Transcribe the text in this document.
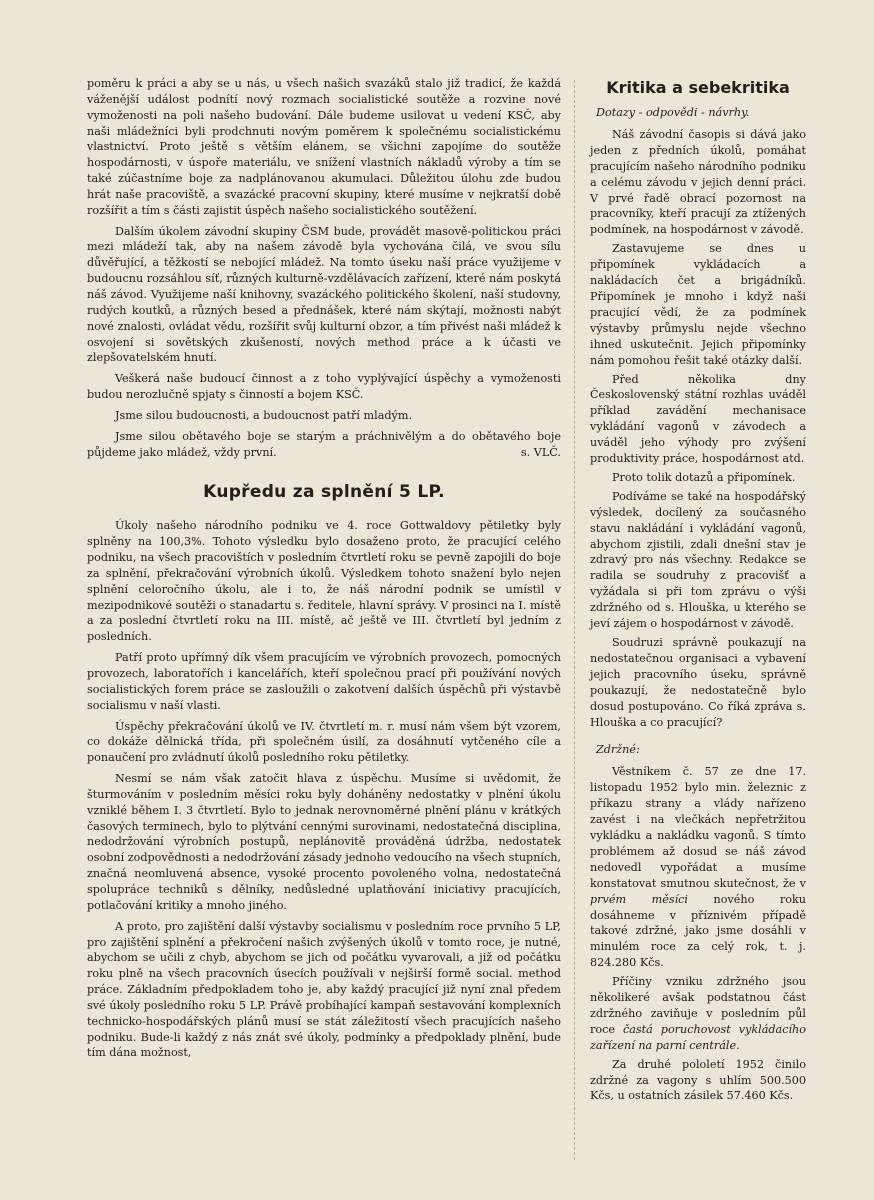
poměru k práci a aby se u nás, u všech našich svazáků stalo již tradicí, že každá váženější událost podnítí nový rozmach socialistické soutěže a rozvine nové vymoženosti na poli našeho budování. Dále budeme usilovat u vedení KSČ, aby naši mládežníci byli prodchnuti novým poměrem k společnému socialistickému vlastnictví. Proto ještě s větším elánem, se všichni zapojíme do soutěže hospodárnosti, v úspoře materiálu, ve snížení vlastních nákladů výroby a tím se také zúčastníme boje za nadplánovanou akumulaci. Důležitou úlohu zde budou hrát naše pracoviště, a svazácké pracovní skupiny, které musíme v nejkratší době rozšířit a tím s části zajistit úspěch našeho socialistického soutěžení.

Dalším úkolem závodní skupiny ČSM bude, provádět masově-politickou práci mezi mládeží tak, aby na našem závodě byla vychována čilá, ve svou sílu důvěřující, a těžkostí se nebojící mládež. Na tomto úseku naší práce využijeme v budoucnu rozsáhlou síť, různých kulturně-vzdělávacích zařízení, které nám poskytá náš závod. Využijeme naší knihovny, svazáckého politického školení, naší studovny, rudých koutků, a různých besed a přednášek, které nám skýtají, možnosti nabýt nové znalosti, ovládat vědu, rozšířit svůj kulturní obzor, a tím přivést naši mládež k osvojení si sovětských zkušeností, nových method práce a k účasti ve zlepšovatelském hnutí.

Veškerá naše budoucí činnost a z toho vyplývající úspěchy a vymoženosti budou nerozlučně spjaty s činností a bojem KSČ.

Jsme silou budoucnosti, a budoucnost patří mladým.

Jsme silou obětavého boje se starým a práchnivělým a do obětavého boje půjdeme jako mládež, vždy první.	s. VLČ.

Kupředu za splnění 5 LP.

Úkoly našeho národního podniku ve 4. roce Gottwaldovy pětiletky byly splněny na 100,3%. Tohoto výsledku bylo dosaženo proto, že pracující celého podniku, na všech pracovištích v posledním čtvrtletí roku se pevně zapojili do boje za splnění, překračování výrobních úkolů. Výsledkem tohoto snažení bylo nejen splnění celoročního úkolu, ale i to, že náš národní podnik se umístil v mezipodnikové soutěži o stanadartu s. ředitele, hlavní správy. V prosinci na I. místě a za poslední čtvrtletí roku na III. místě, ač ještě ve III. čtvrtletí byl jedním z posledních.

Patří proto upřímný dík všem pracujícím ve výrobních provozech, pomocných provozech, laboratořích i kancelářích, kteří společnou prací při používání nových socialistických forem práce se zasloužili o zakotvení dalších úspěchů při výstavbě socialismu v naší vlasti.

Úspěchy překračování úkolů ve IV. čtvrtletí m. r. musí nám všem být vzorem, co dokáže dělnická třída, při společném úsilí, za dosáhnutí vytčeného cíle a ponaučení pro zvládnutí úkolů posledního roku pětiletky.

Nesmí se nám však zatočit hlava z úspěchu. Musíme si uvědomit, že šturmováním v posledním měsíci roku byly doháněny nedostatky v plnění úkolu vzniklé během I. 3 čtvrtletí. Bylo to jednak nerovnoměrné plnění plánu v krátkých časových terminech, bylo to plýtvání cennými surovinami, nedostatečná disciplina, nedodržování výrobních postupů, neplánovitě prováděná údržba, nedostatek osobní zodpovědnosti a nedodržování zásady jednoho vedoucího na všech stupních, značná neomluvená absence, vysoké procento povoleného volna, nedostatečná spolupráce techniků s dělníky, nedůsledné uplatňování iniciativy pracujících, potlačování kritiky a mnoho jiného.

A proto, pro zajištění další výstavby socialismu v posledním roce prvního 5 LP, pro zajištění splnění a překročení našich zvýšených úkolů v tomto roce, je nutné, abychom se učili z chyb, abychom se jich od počátku vyvarovali, a již od počátku roku plně na všech pracovních úsecích používali v nejširší formě social. method práce. Základním předpokladem toho je, aby každý pracující již nyní znal předem své úkoly posledního roku 5 LP. Právě probíhající kampaň sestavování komplexních technicko-hospodářských plánů musí se stát záležitostí všech pracujících našeho podniku. Bude-li každý z nás znát své úkoly, podmínky a předpoklady plnění, bude tím dána možnost,

Kritika a sebekritika

Dotazy - odpovědi - návrhy.

Náš závodní časopis si dává jako jeden z předních úkolů, pomáhat pracujícím našeho národního podniku a celému závodu v jejich denní práci. V prvé řadě obrací pozornost na pracovníky, kteří pracují za ztížených podmínek, na hospodárnost v závodě.

Zastavujeme se dnes u připomínek vykládacích a nakládacích čet a brigádníků. Připomínek je mnoho i když naši pracující vědí, že za podmínek výstavby průmyslu nejde všechno ihned uskutečnit. Jejich připomínky nám pomohou řešit také otázky další.

Před několika dny Československý státní rozhlas uváděl příklad zavádění mechanisace vykládání vagonů v závodech a uváděl jeho výhody pro zvýšení produktivity práce, hospodárnost atd.

Proto tolik dotazů a připomínek.

Podíváme se také na hospodářský výsledek, docílený za současného stavu nakládání i vykládání vagonů, abychom zjistili, zdali dnešní stav je zdravý pro nás všechny. Redakce se radila se soudruhy z pracovišť a vyžádala si při tom zprávu o výši zdržného od s. Hlouška, u kterého se jeví zájem o hospodárnost v závodě.

Soudruzi správně poukazují na nedostatečnou organisaci a vybavení jejich pracovního úseku, správně poukazují, že nedostatečně bylo dosud postupováno. Co říká zpráva s. Hlouška a co pracující?

Zdržné:

Věstníkem č. 57 ze dne 17. listopadu 1952 bylo min. železnic z příkazu strany a vlády nařízeno zavést i na vlečkách nepřetržitou vykládku a nakládku vagonů. S tímto problémem až dosud se náš závod nedovedl vypořádat a musíme konstatovat smutnou skutečnost, že v prvém měsíci nového roku dosáhneme v příznivém případě takové zdržné, jako jsme dosáhli v minulém roce za celý rok, t. j. 824.280 Kčs.

Příčiny vzniku zdržného jsou několikeré avšak podstatnou část zdržného zaviňuje v posledním půl roce častá poruchovost vykládacího zařízení na parní centrále.

Za druhé pololetí 1952 činilo zdržné za vagony s uhlím 500.500 Kčs, u ostatních zásilek 57.460 Kčs.
